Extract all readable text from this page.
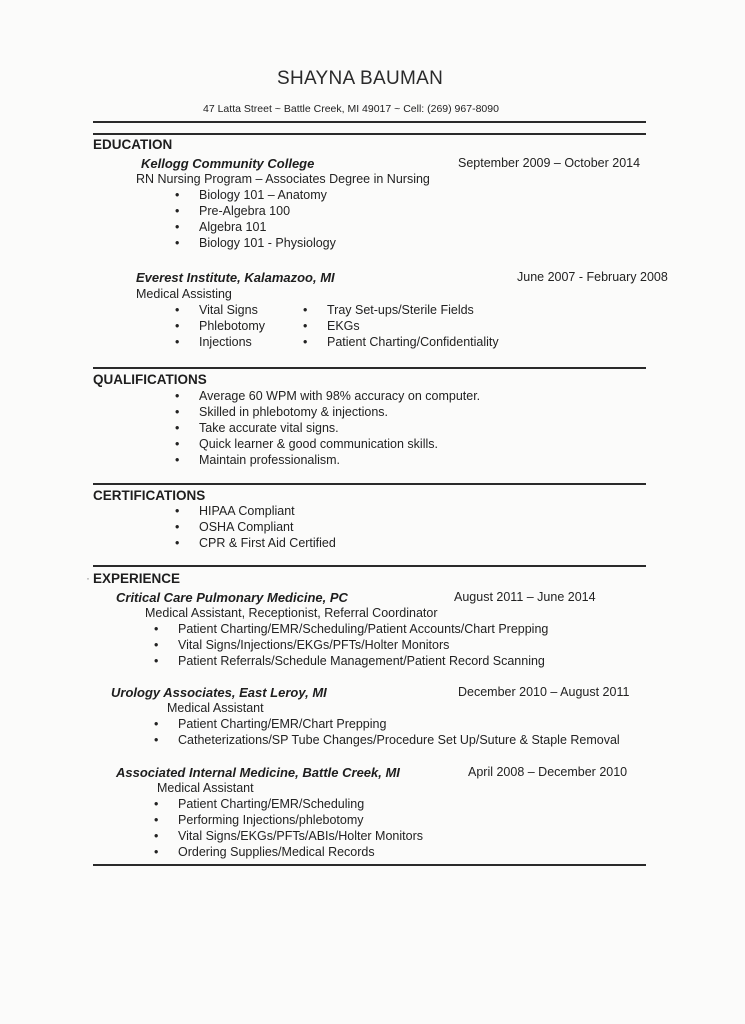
SHAYNA BAUMAN
47 Latta Street ~ Battle Creek, MI 49017 ~ Cell: (269) 967-8090
EDUCATION
Kellogg Community College	September 2009 – October 2014
RN Nursing Program – Associates Degree in Nursing
• Biology 101 – Anatomy
• Pre-Algebra 100
• Algebra 101
• Biology 101 - Physiology
Everest Institute, Kalamazoo, MI	June 2007 - February 2008
Medical Assisting
• Vital Signs
• Phlebotomy
• Injections
• Tray Set-ups/Sterile Fields
• EKGs
• Patient Charting/Confidentiality
QUALIFICATIONS
• Average 60 WPM with 98% accuracy on computer.
• Skilled in phlebotomy & injections.
• Take accurate vital signs.
• Quick learner & good communication skills.
• Maintain professionalism.
CERTIFICATIONS
• HIPAA Compliant
• OSHA Compliant
• CPR & First Aid Certified
· EXPERIENCE
Critical Care Pulmonary Medicine, PC	August 2011 – June 2014
Medical Assistant, Receptionist, Referral Coordinator
• Patient Charting/EMR/Scheduling/Patient Accounts/Chart Prepping
• Vital Signs/Injections/EKGs/PFTs/Holter Monitors
• Patient Referrals/Schedule Management/Patient Record Scanning
Urology Associates, East Leroy, MI	December 2010 – August 2011
Medical Assistant
• Patient Charting/EMR/Chart Prepping
• Catheterizations/SP Tube Changes/Procedure Set Up/Suture & Staple Removal
Associated Internal Medicine, Battle Creek, MI	April 2008 – December 2010
Medical Assistant
• Patient Charting/EMR/Scheduling
• Performing Injections/phlebotomy
• Vital Signs/EKGs/PFTs/ABIs/Holter Monitors
• Ordering Supplies/Medical Records
